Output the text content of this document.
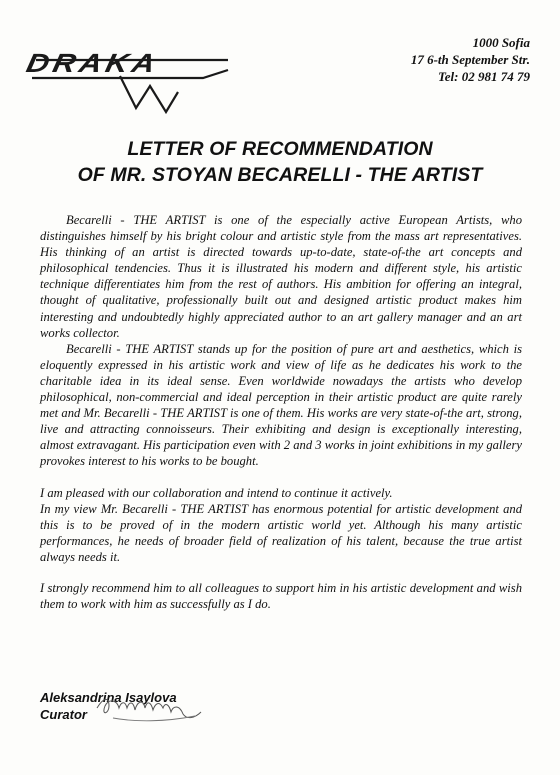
DRAKA
1000 Sofia
17 6-th September Str.
Tel: 02 981 74 79
LETTER OF RECOMMENDATION
OF MR. STOYAN BECARELLI - THE ARTIST

Becarelli - THE ARTIST is one of the especially active European Artists, who distinguishes himself by his bright colour and artistic style from the mass art representatives. His thinking of an artist is directed towards up-to-date, state-of-the art concepts and philosophical tendencies. Thus it is illustrated his modern and different style, his artistic technique differentiates him from the rest of authors. His ambition for offering an integral, thought of qualitative, professionally built out and designed artistic product makes him interesting and undoubtedly highly appreciated author to an art gallery manager and an art works collector.

Becarelli - THE ARTIST stands up for the position of pure art and aesthetics, which is eloquently expressed in his artistic work and view of life as he dedicates his work to the charitable idea in its ideal sense. Even worldwide nowadays the artists who develop philosophical, non-commercial and ideal perception in their artistic product are quite rarely met and Mr. Becarelli - THE ARTIST is one of them. His works are very state-of-the art, strong, live and attracting connoisseurs. Their exhibiting and design is exceptionally interesting, almost extravagant. His participation even with 2 and 3 works in joint exhibitions in my gallery provokes interest to his works to be bought.

I am pleased with our collaboration and intend to continue it actively.

In my view Mr. Becarelli - THE ARTIST has enormous potential for artistic development and this is to be proved of in the modern artistic world yet. Although his many artistic performances, he needs of broader field of realization of his talent, because the true artist always needs it.

I strongly recommend him to all colleagues to support him in his artistic development and wish them to work with him as successfully as I do.

Aleksandrina Isaylova
Curator
